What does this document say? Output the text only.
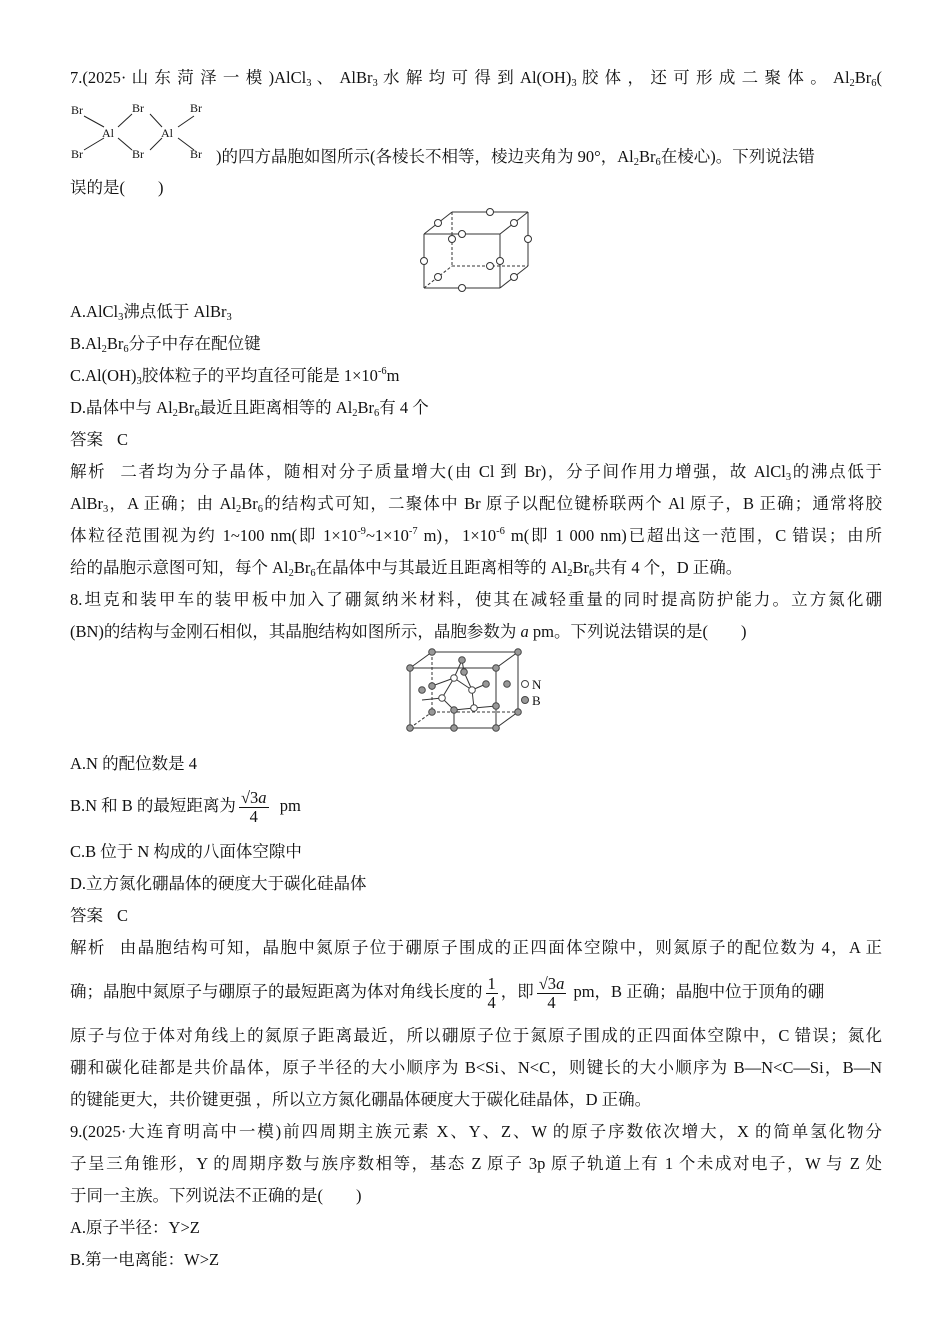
7.(2025· 山 东 菏 泽 一 模 )AlCl$_3$ 、 AlBr$_3$ 水 解 均 可 得 到 $Al(OH)_3$ 胶 体 ， 还 可 形 成 二 聚 体 。 $Al_2Br_6$(
Br	Br	Br
Al	Al
Br	Br	Br )的四方晶胞如图所示(各棱长不相等，棱边夹角为 90°，$Al_2Br_6$在棱心)。下列说法错
误的是(　　)
A.AlCl$_3$沸点低于 AlBr$_3$
$B.Al_2Br_6$分子中存在配位键
$C.Al(OH)_3$胶体粒子的平均直径可能是 $1\times 10^{-6}m$
D.晶体中与 $Al_2Br_6$最近且距离相等的 $Al_2Br_6$有 4 个
答案 C
解析 二者均为分子晶体，随相对分子质量增大(由 Cl 到 Br)，分子间作用力增强，故 AlCl$_3$的沸点低于
AlBr$_3$，A 正确；由 $Al_2Br_6$的结构式可知，二聚体中 Br 原子以配位键桥联两个 Al 原子，B 正确；通常将胶
体粒径范围视为约 1~100 nm(即 $1\times 10^{-9}\sim 1\times 10^{-7}$ m)，$1\times 10^{-6}$ m(即 1 000 nm)已超出这一范围，C 错误；由所
给的晶胞示意图可知，每个 $Al_2Br_6$在晶体中与其最近且距离相等的 $Al_2Br_6$共有 4 个，D 正确。
8.坦克和装甲车的装甲板中加入了硼氮纳米材料，使其在减轻重量的同时提高防护能力。立方氮化硼
(BN)的结构与金刚石相似，其晶胞结构如图所示，晶胞参数为 a pm。下列说法错误的是(　　)
N
B
A.N 的配位数是 4
B.N 和 B 的最短距离为 $\frac{√3a}{4}$ pm
C.B 位于 N 构成的八面体空隙中
D.立方氮化硼晶体的硬度大于碳化硅晶体
答案 C
解析 由晶胞结构可知，晶胞中氮原子位于硼原子围成的正四面体空隙中，则氮原子的配位数为 4，A 正
确；晶胞中氮原子与硼原子的最短距离为体对角线长度的 $\frac{1}{4}$ ，即 $\frac{√3a}{4}$ pm，B 正确；晶胞中位于顶角的硼
原子与位于体对角线上的氮原子距离最近，所以硼原子位于氮原子围成的正四面体空隙中，C 错误；氮化
硼和碳化硅都是共价晶体，原子半径的大小顺序为 B<Si、N<C，则键长的大小顺序为 B—N<C—Si，B—N
的键能更大，共价键更强 ，所以立方氮化硼晶体硬度大于碳化硅晶体，D 正确。
9.(2025·大连育明高中一模)前四周期主族元素 X、Y、Z、W 的原子序数依次增大，X 的简单氢化物分
子呈三角锥形，Y 的周期序数与族序数相等，基态 Z 原子 3p 原子轨道上有 1 个未成对电子，W 与 Z 处
于同一主族。下列说法不正确的是(　　)
A.原子半径：Y>Z
B.第一电离能：W>Z
